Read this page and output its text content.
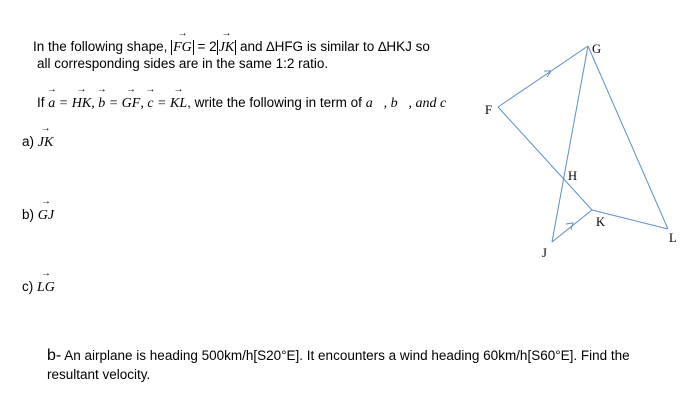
In the following shape, → FG = 2 → JK and ∆HFG is similar to ∆HKJ so
all corresponding sides are in the same 1:2 ratio.
If → a = → HK, → b = → GF, → c = → KL, write the following in term of a⃗, b⃗, and c⃗
a) → JK
b) → GJ
c) → LG
F
G
H
K
J
L
b- An airplane is heading 500km/h[S20°E]. It encounters a wind heading 60km/h[S60°E]. Find the
resultant velocity.
